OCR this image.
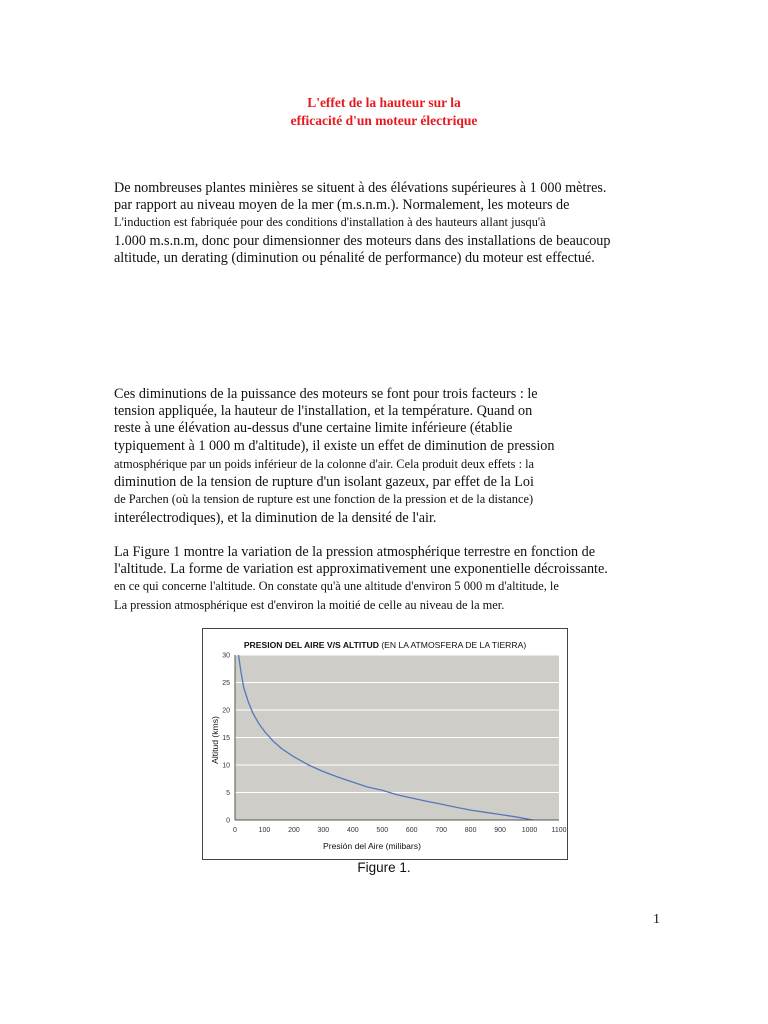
L'effet de la hauteur sur la
efficacité d'un moteur électrique
De nombreuses plantes minières se situent à des élévations supérieures à 1 000 mètres.
par rapport au niveau moyen de la mer (m.s.n.m.). Normalement, les moteurs de
L'induction est fabriquée pour des conditions d'installation à des hauteurs allant jusqu'à
1.000 m.s.n.m, donc pour dimensionner des moteurs dans des installations de beaucoup
altitude, un derating (diminution ou pénalité de performance) du moteur est effectué.
Ces diminutions de la puissance des moteurs se font pour trois facteurs : le
tension appliquée, la hauteur de l'installation, et la température. Quand on
reste à une élévation au-dessus d'une certaine limite inférieure (établie
typiquement à 1 000 m d'altitude), il existe un effet de diminution de pression
atmosphérique par un poids inférieur de la colonne d'air. Cela produit deux effets : la
diminution de la tension de rupture d'un isolant gazeux, par effet de la Loi
de Parchen (où la tension de rupture est une fonction de la pression et de la distance)
interélectrodiques), et la diminution de la densité de l'air.
La Figure 1 montre la variation de la pression atmosphérique terrestre en fonction de
l'altitude. La forme de variation est approximativement une exponentielle décroissante.
en ce qui concerne l'altitude. On constate qu'à une altitude d'environ 5 000 m d'altitude, le
La pression atmosphérique est d'environ la moitié de celle au niveau de la mer.
PRESION DEL AIRE V/S ALTITUD (EN LA ATMOSFERA DE LA TIERRA)
0
5
10
15
20
25
30
0	100	200	300	400	500	600	700	800	900 1000 1100
Presión del Aire (milibars)
Altitud (kms)
Figure 1.
1
